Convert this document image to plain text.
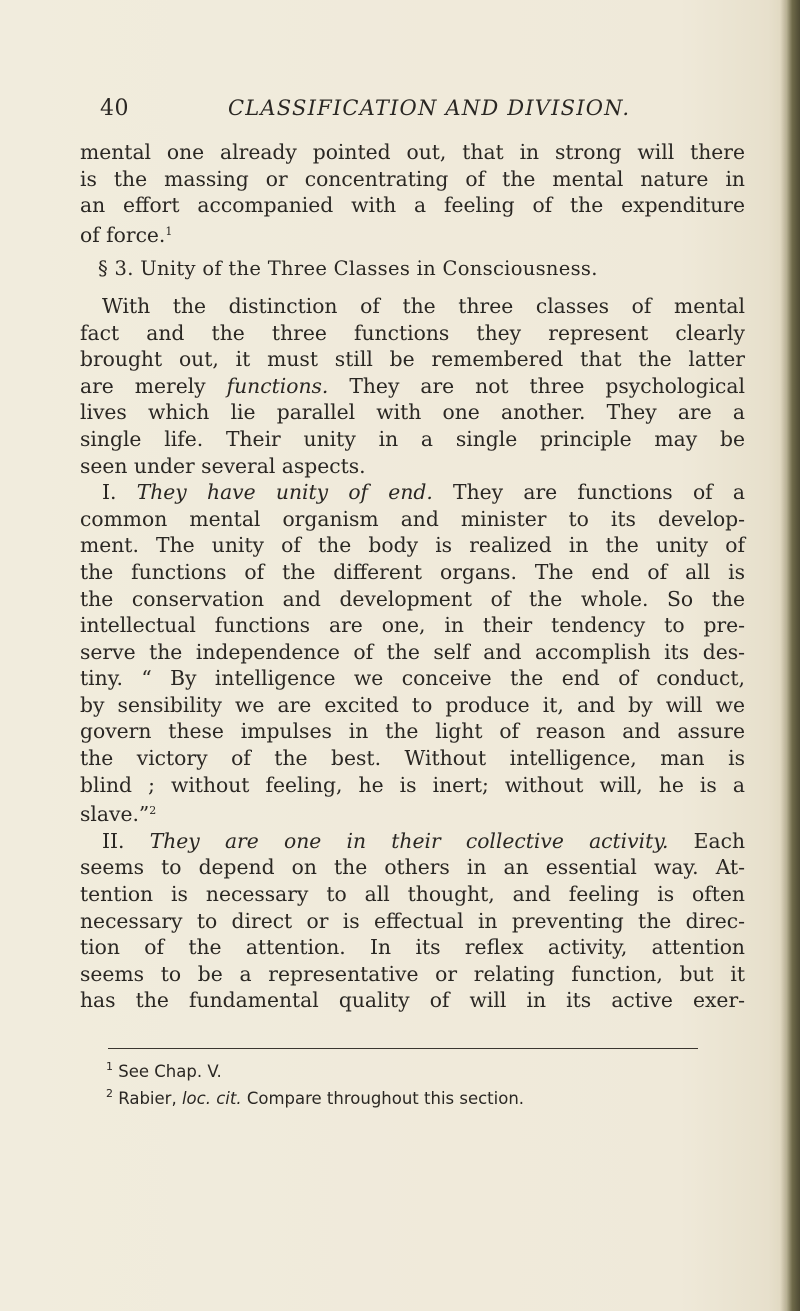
40	CLASSIFICATION AND DIVISION.
mental one already pointed out, that in strong will there
is the massing or concentrating of the mental nature in
an effort accompanied with a feeling of the expenditure
of force.$^1$
§ 3. Unity of the Three Classes in Consciousness.
With the distinction of the three classes of mental
fact and the three functions they represent clearly
brought out, it must still be remembered that the latter
are merely functions. They are not three psychological
lives which lie parallel with one another. They are a
single life. Their unity in a single principle may be
seen under several aspects.
I. They have unity of end. They are functions of a
common mental organism and minister to its develop-
ment. The unity of the body is realized in the unity of
the functions of the different organs. The end of all is
the conservation and development of the whole. So the
intellectual functions are one, in their tendency to pre-
serve the independence of the self and accomplish its des-
tiny. “ By intelligence we conceive the end of conduct,
by sensibility we are excited to produce it, and by will we
govern these impulses in the light of reason and assure
the victory of the best. Without intelligence, man is
blind ; without feeling, he is inert; without will, he is a
slave.”$^2$
II. They are one in their collective activity. Each
seems to depend on the others in an essential way. At-
tention is necessary to all thought, and feeling is often
necessary to direct or is effectual in preventing the direc-
tion of the attention. In its reflex activity, attention
seems to be a representative or relating function, but it
has the fundamental quality of will in its active exer-
$^1$ See Chap. V.
$^2$ Rabier, loc. cit. Compare throughout this section.
